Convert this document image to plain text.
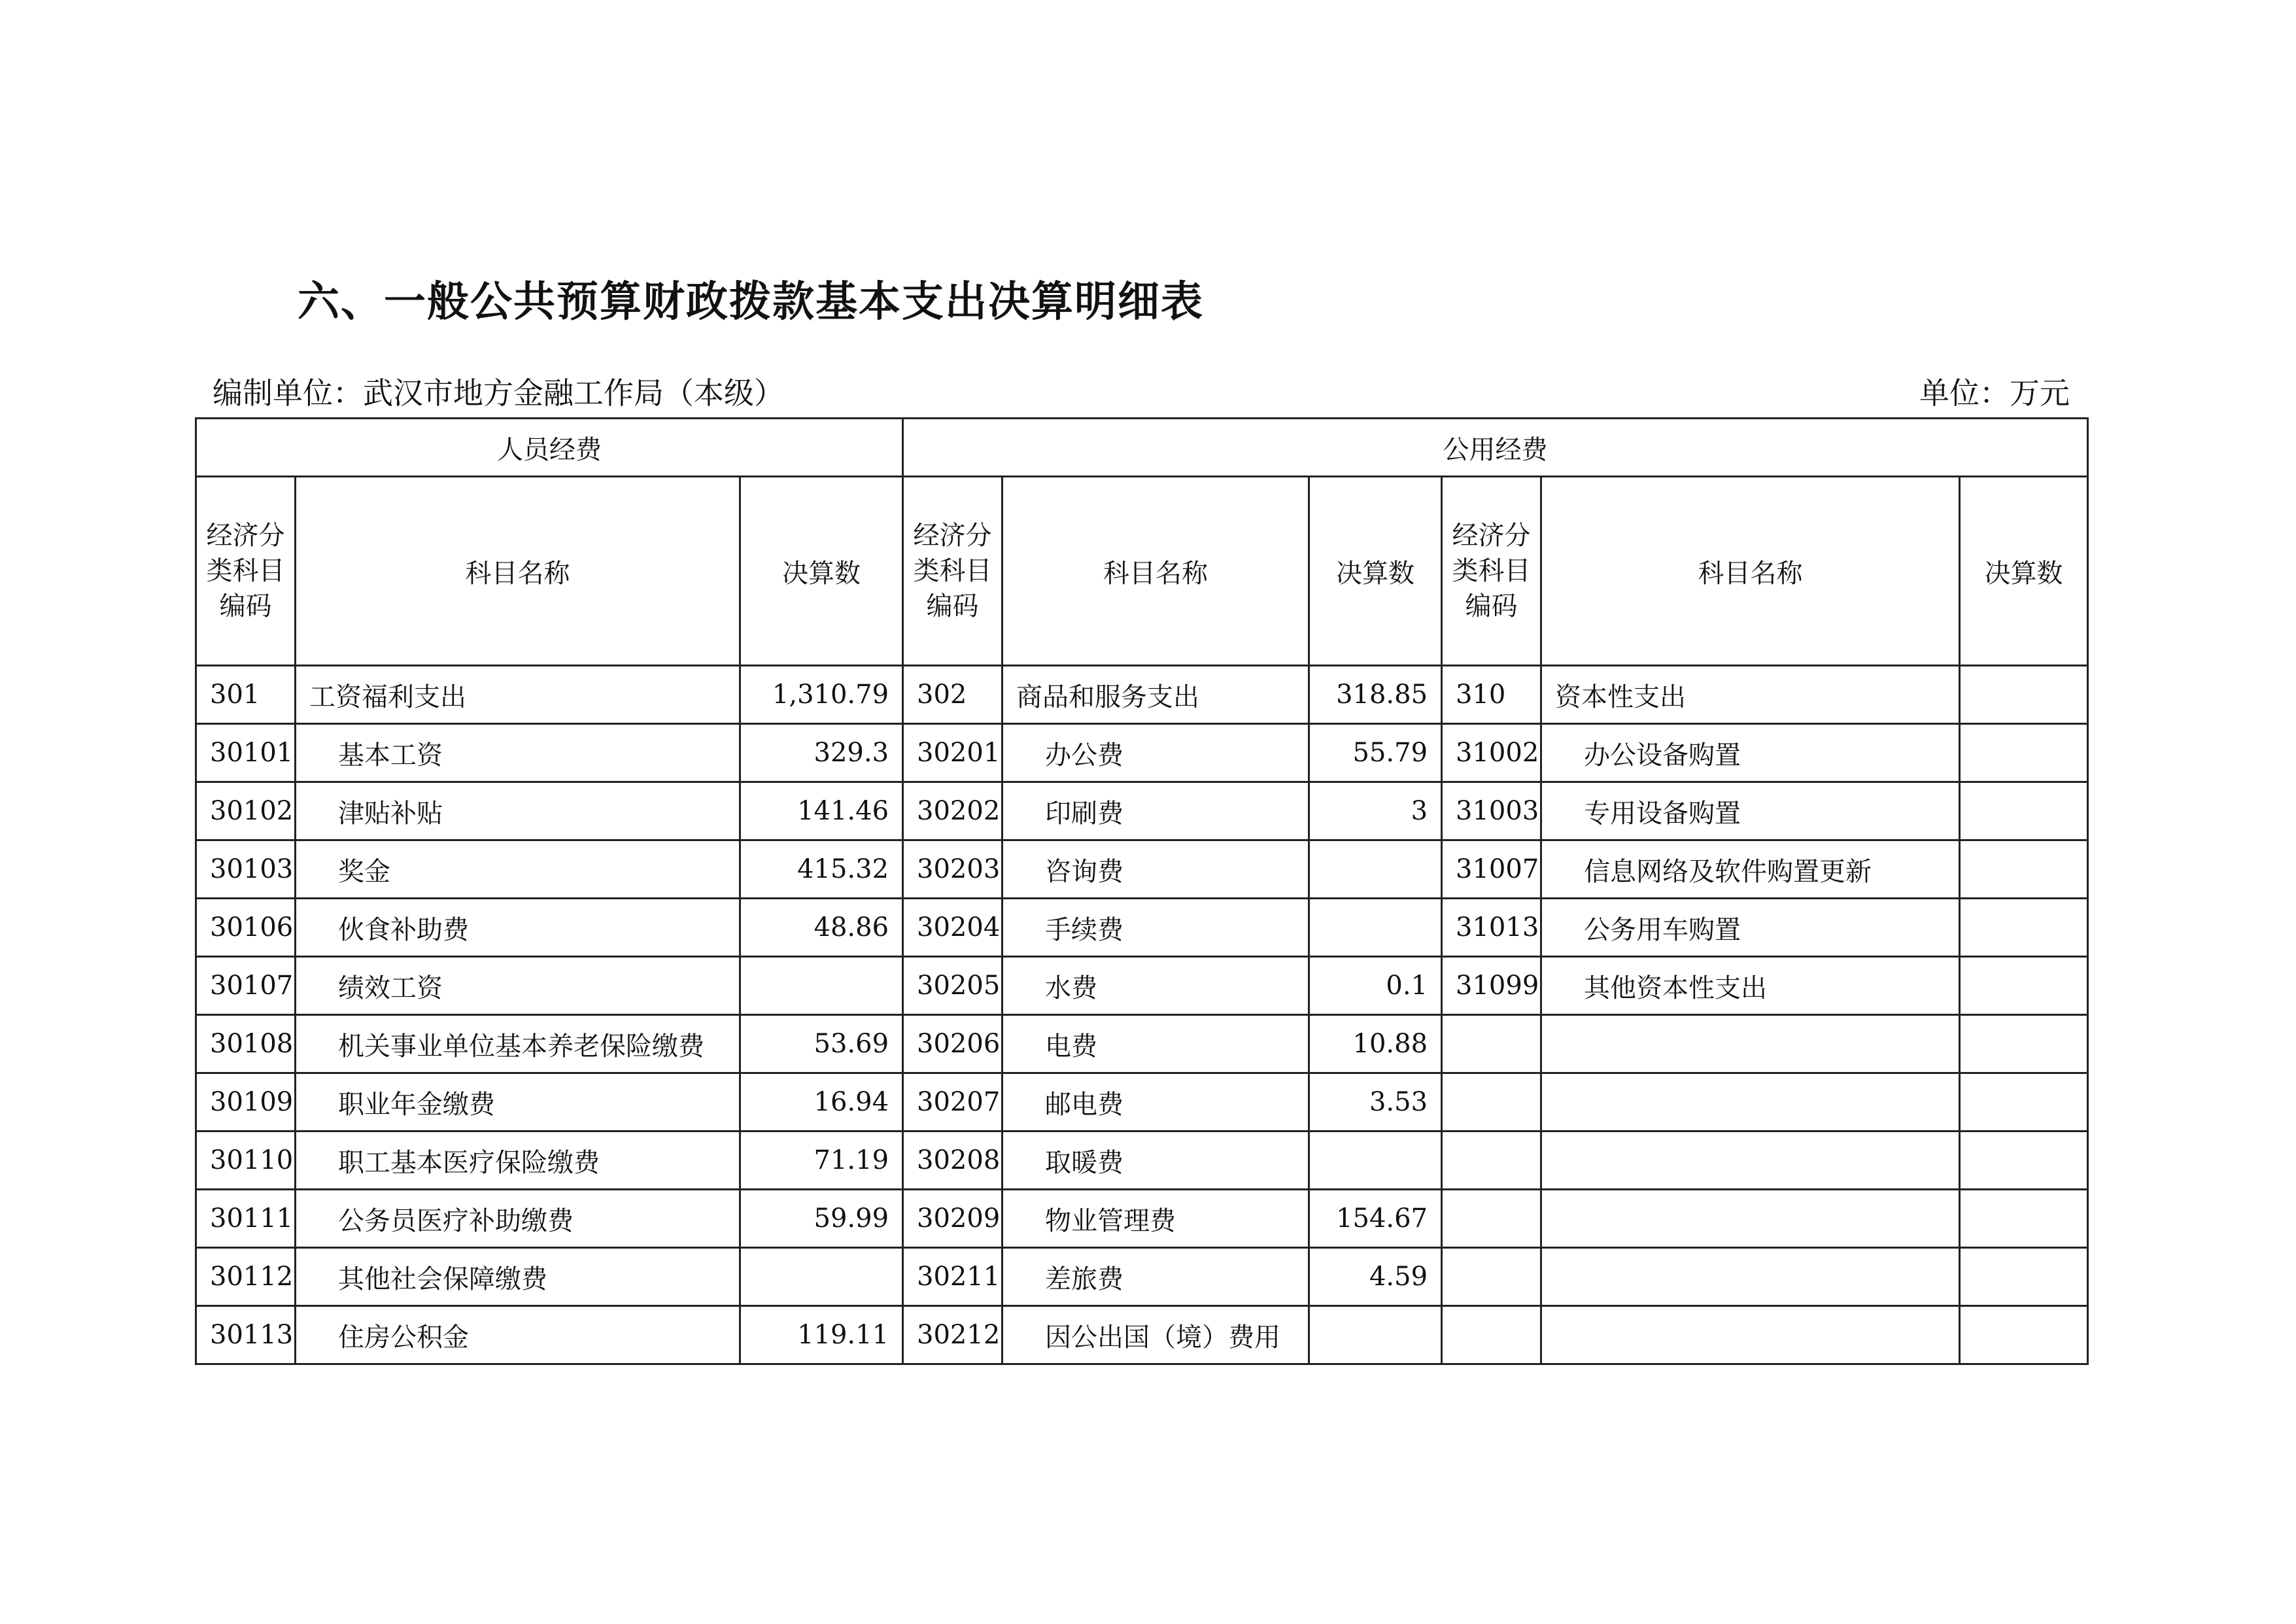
六、一般公共预算财政拨款基本支出决算明细表
编制单位：武汉市地方金融工作局（本级）	单位：万元
人员经费			公用经费					
经济分类科目编码	科目名称	决算数	经济分类科目编码	科目名称	决算数	经济分类科目编码	科目名称	决算数
301	工资福利支出	1,310.79	302	商品和服务支出	318.85	310	资本性支出	
30101	基本工资	329.3	30201	办公费	55.79	31002	办公设备购置	
30102	津贴补贴	141.46	30202	印刷费	3	31003	专用设备购置	
30103	奖金	415.32	30203	咨询费		31007	信息网络及软件购置更新	
30106	伙食补助费	48.86	30204	手续费		31013	公务用车购置	
30107	绩效工资		30205	水费	0.1	31099	其他资本性支出	
30108	机关事业单位基本养老保险缴费	53.69	30206	电费	10.88			
30109	职业年金缴费	16.94	30207	邮电费	3.53			
30110	职工基本医疗保险缴费	71.19	30208	取暖费				
30111	公务员医疗补助缴费	59.99	30209	物业管理费	154.67			
30112	其他社会保障缴费		30211	差旅费	4.59			
30113	住房公积金	119.11	30212	因公出国（境）费用				
